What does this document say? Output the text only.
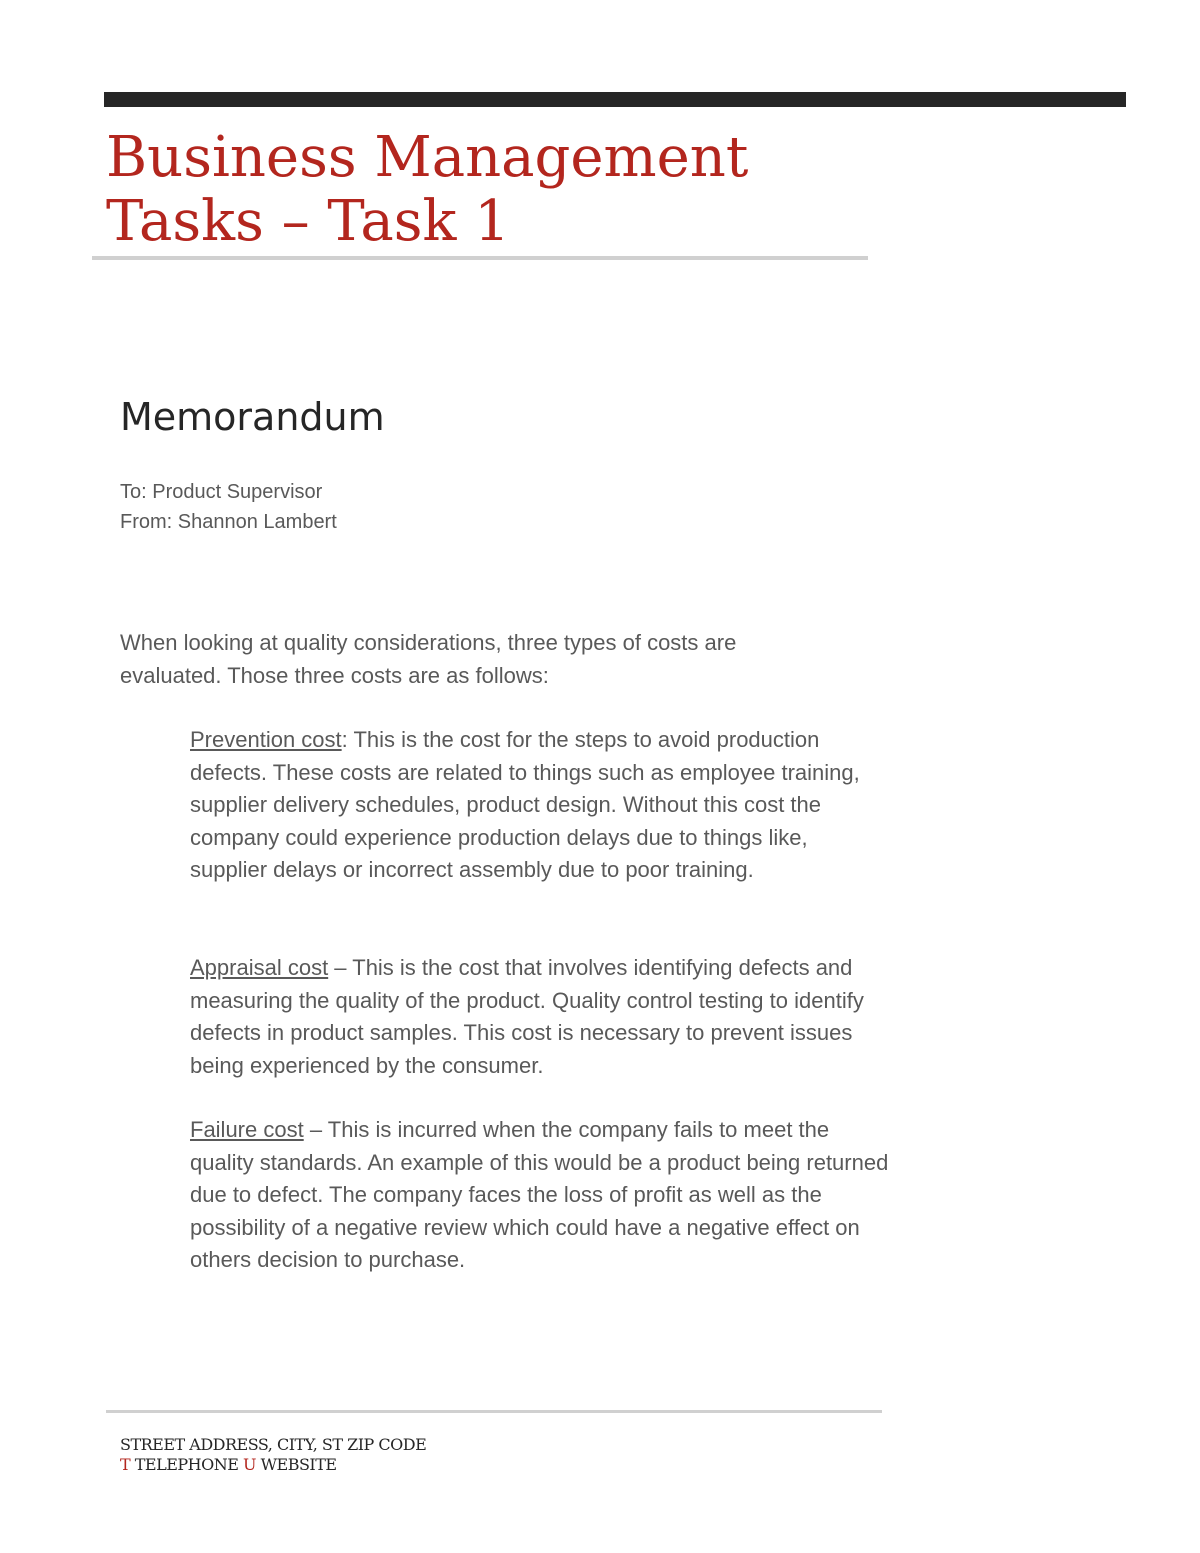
Business Management
Tasks – Task 1
Memorandum
To: Product Supervisor
From: Shannon Lambert
When looking at quality considerations, three types of costs are evaluated. Those three costs are as follows:
Prevention cost: This is the cost for the steps to avoid production defects. These costs are related to things such as employee training, supplier delivery schedules, product design. Without this cost the company could experience production delays due to things like, supplier delays or incorrect assembly due to poor training.
Appraisal cost – This is the cost that involves identifying defects and measuring the quality of the product. Quality control testing to identify defects in product samples. This cost is necessary to prevent issues being experienced by the consumer.
Failure cost – This is incurred when the company fails to meet the quality standards. An example of this would be a product being returned due to defect. The company faces the loss of profit as well as the possibility of a negative review which could have a negative effect on others decision to purchase.
STREET ADDRESS, CITY, ST ZIP CODE
T TELEPHONE U WEBSITE
